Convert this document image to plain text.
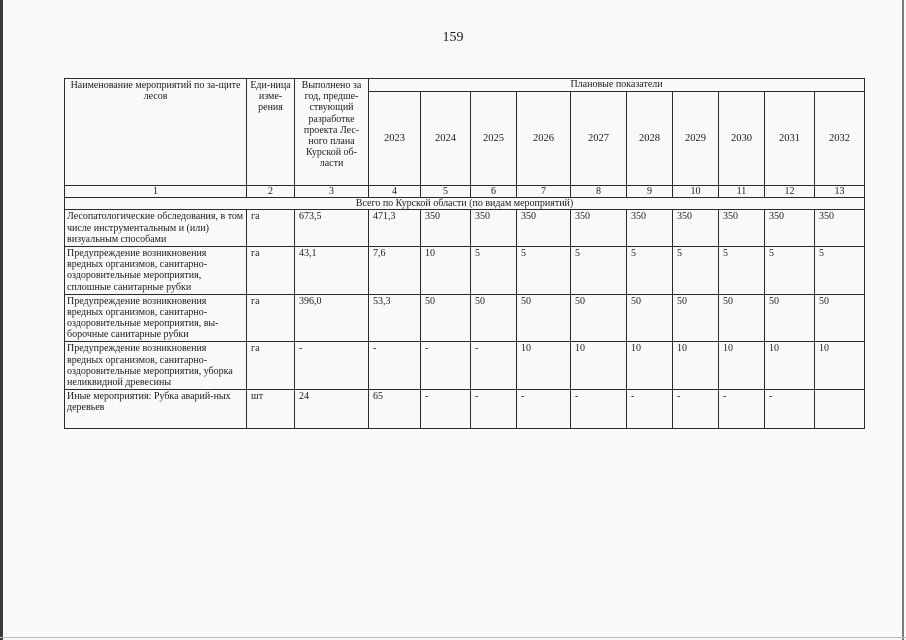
159
Наименование мероприятий по за-щите лесов	Еди-ница изме-рения	Выполнено за год, предше-ствующий разработке проекта Лес-ного плана Курской об-ласти	Плановые показатели									
			2023	2024	2025	2026	2027	2028	2029	2030	2031	2032
1	2	3	4	5	6	7	8	9	10	11	12	13
Всего по Курской области (по видам мероприятий)												
Лесопатологические обследования, в том числе инструментальным и (или) визуальным способами	га	673,5	471,3	350	350	350	350	350	350	350	350	350
Предупреждение возникновения вредных организмов, санитарно-оздоровительные мероприятия, сплошные санитарные рубки	га	43,1	7,6	10	5	5	5	5	5	5	5	5
Предупреждение возникновения вредных организмов, санитарно-оздоровительные мероприятия, вы-борочные санитарные рубки	га	396,0	53,3	50	50	50	50	50	50	50	50	50
Предупреждение возникновения вредных организмов, санитарно-оздоровительные мероприятия, уборка неликвидной древесины	га	-	-	-	-	10	10	10	10	10	10	10
Иные мероприятия: Рубка аварий-ных деревьев	шт	24	65	-	-	-	-	-	-	-	-	
